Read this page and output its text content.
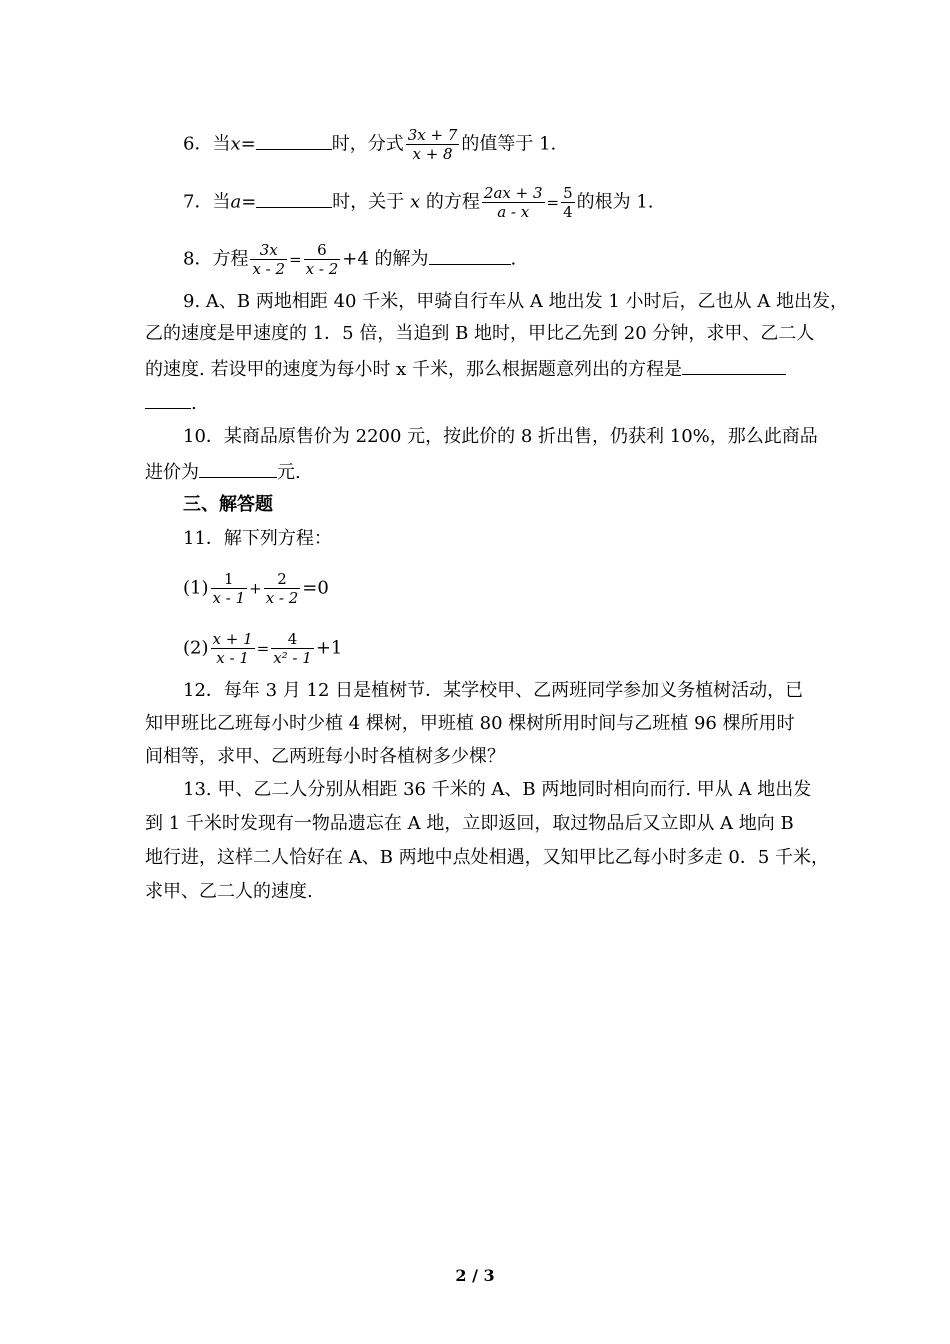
6．当x=	时，分式 $\frac{3x + 7}{x + 8}$ 的值等于 1.
7．当a=	时，关于 x 的方程 $\frac{2ax + 3}{a - x} = \frac{5}{4}$ 的根为 1.
8．方程 $\frac{3x}{x - 2} = \frac{6}{x - 2} +4$ 的解为	.
9. A、B 两地相距 40 千米，甲骑自行车从 A 地出发 1 小时后，乙也从 A 地出发，
乙的速度是甲速度的 1．5 倍，当追到 B 地时，甲比乙先到 20 分钟，求甲、乙二人
的速度. 若设甲的速度为每小时 x 千米，那么根据题意列出的方程是
.
10．某商品原售价为 2200 元，按此价的 8 折出售，仍获利 10%，那么此商品
进价为	元.
三、解答题
11．解下列方程：
$(1) \frac{1}{x - 1} + \frac{2}{x - 2} =0$
$(2) \frac{x + 1}{x - 1} = \frac{4}{\text{x² - 1}} +1$
12．每年 3 月 12 日是植树节．某学校甲、乙两班同学参加义务植树活动，已
知甲班比乙班每小时少植 4 棵树，甲班植 80 棵树所用时间与乙班植 96 棵所用时
间相等，求甲、乙两班每小时各植树多少棵？
13. 甲、乙二人分别从相距 36 千米的 A、B 两地同时相向而行. 甲从 A 地出发
到 1 千米时发现有一物品遗忘在 A 地，立即返回，取过物品后又立即从 A 地向 B
地行进，这样二人恰好在 A、B 两地中点处相遇，又知甲比乙每小时多走 0．5 千米，
求甲、乙二人的速度.
2 / 3
